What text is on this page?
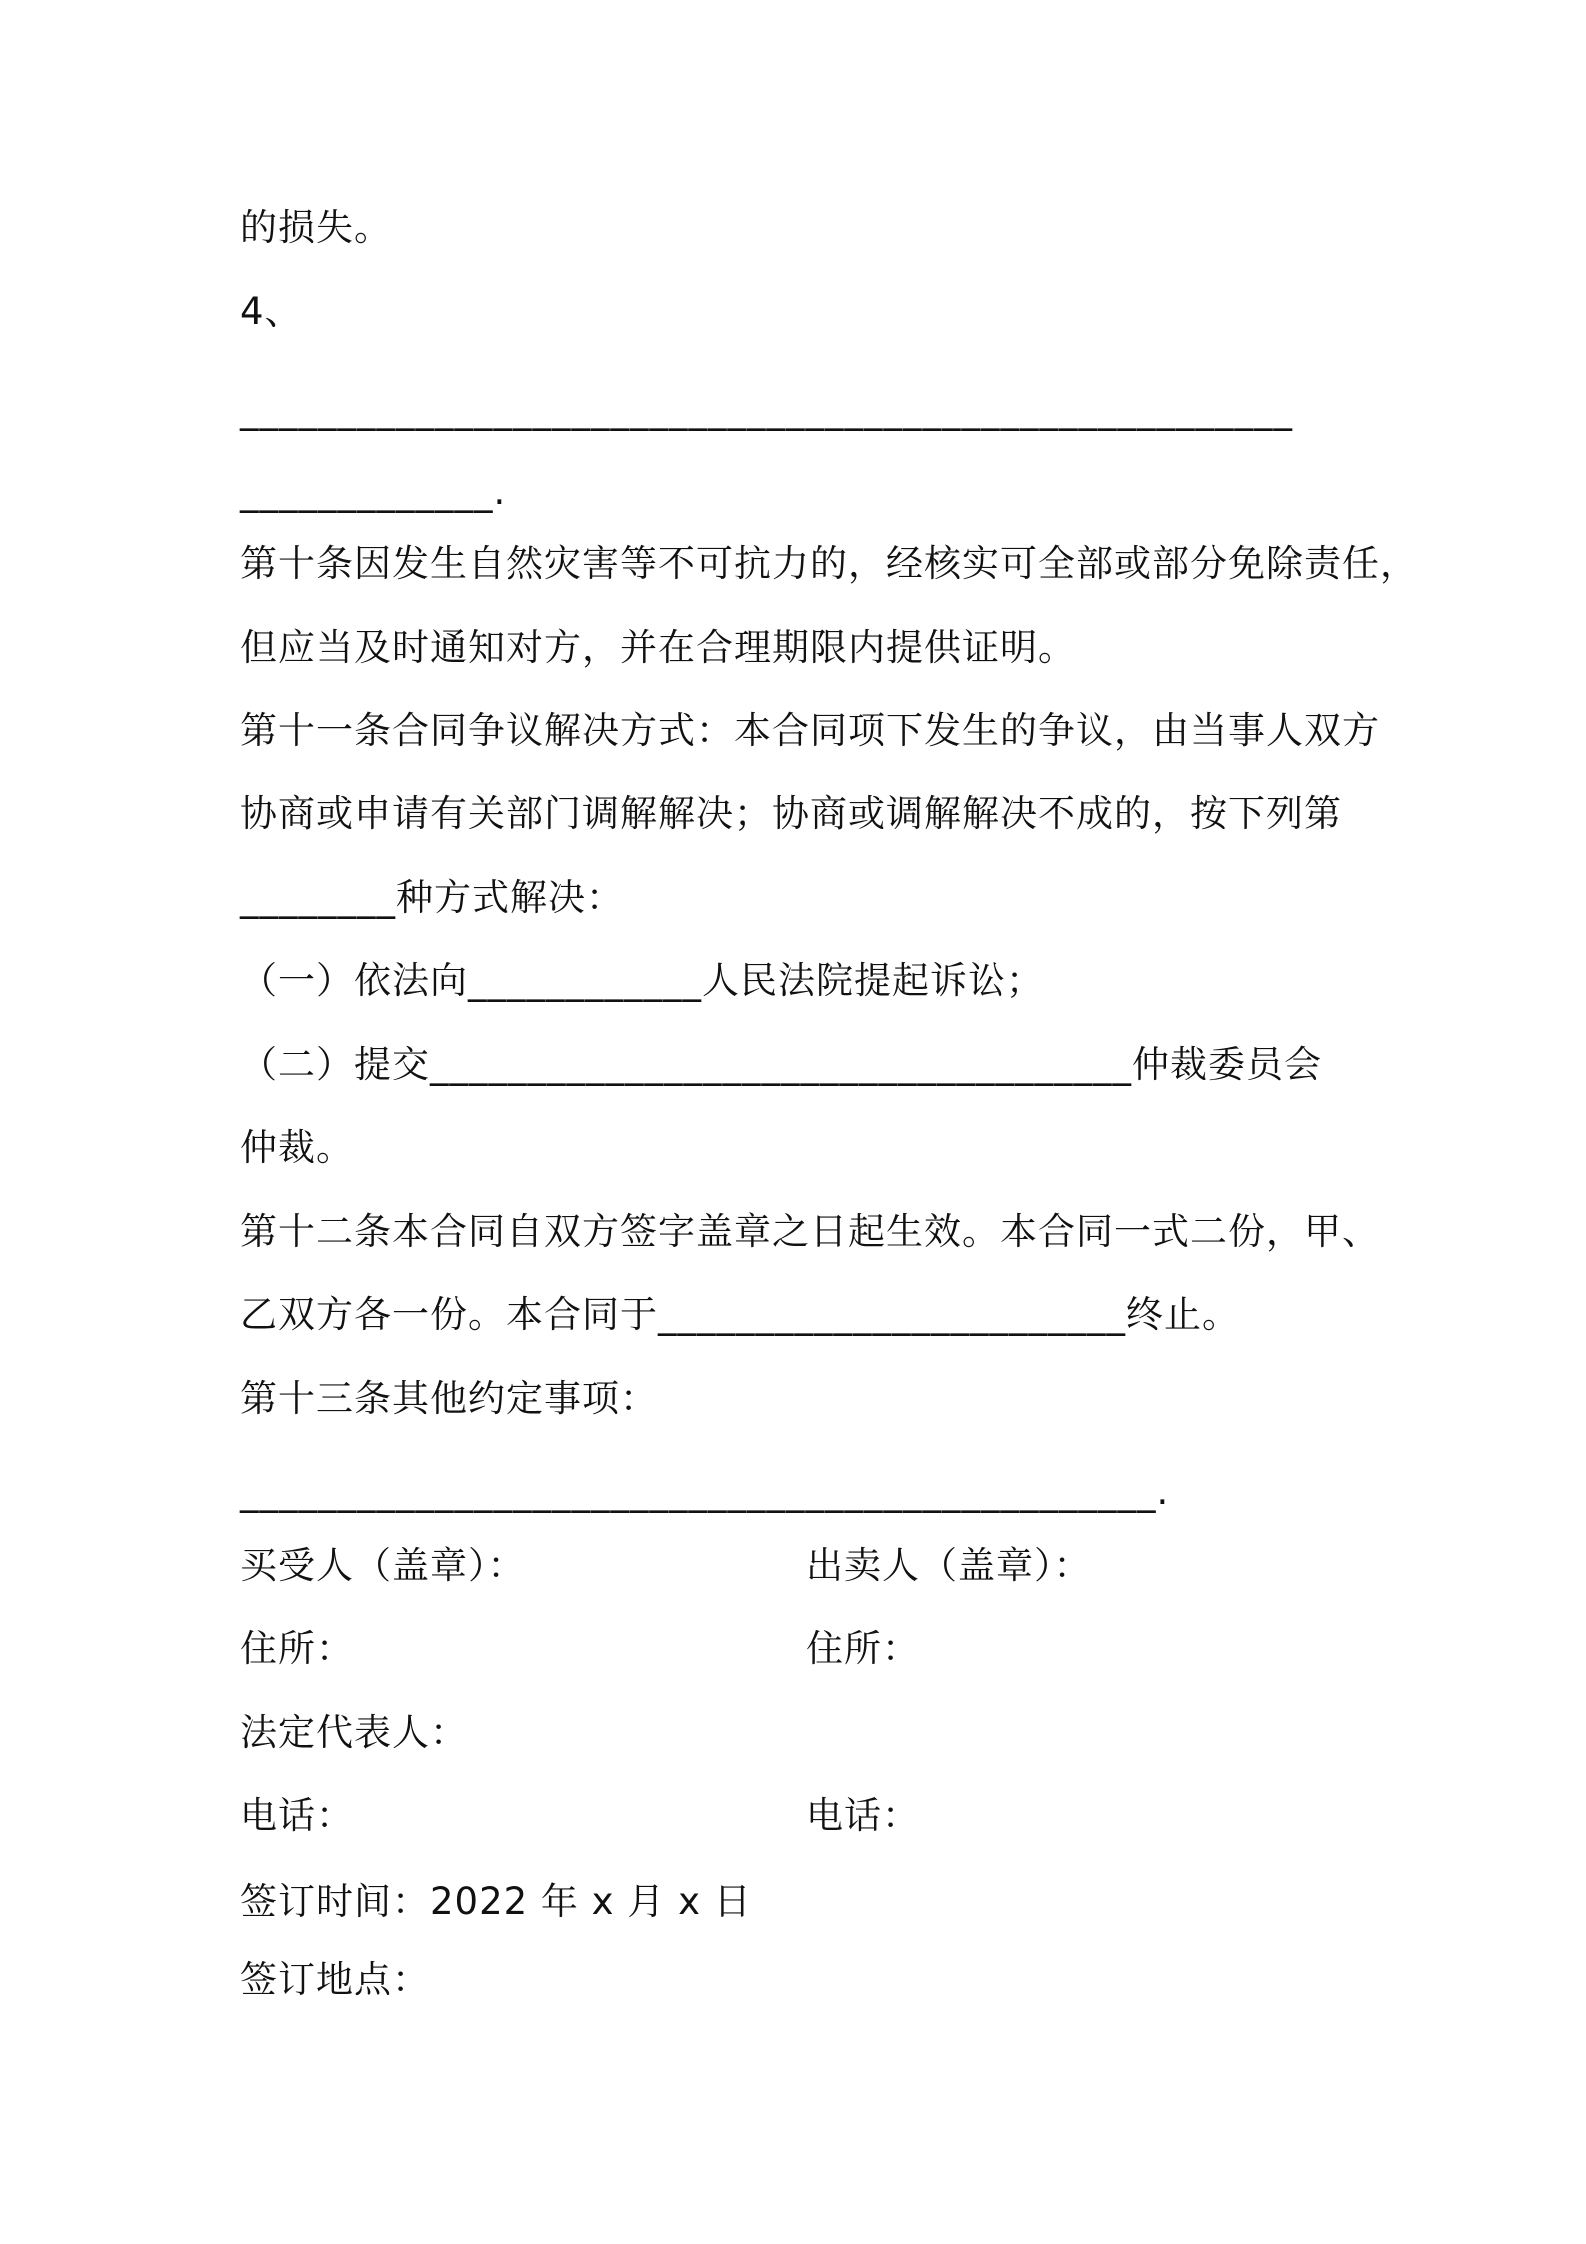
的损失。
4、
______________________________________________________
_____________.
第十条因发生自然灾害等不可抗力的，经核实可全部或部分免除责任，
但应当及时通知对方，并在合理期限内提供证明。
第十一条合同争议解决方式：本合同项下发生的争议，由当事人双方
协商或申请有关部门调解解决；协商或调解解决不成的，按下列第
________种方式解决：
（一）依法向____________人民法院提起诉讼；
（二）提交____________________________________仲裁委员会
仲裁。
第十二条本合同自双方签字盖章之日起生效。本合同一式二份，甲、
乙双方各一份。本合同于________________________终止。
第十三条其他约定事项：
_______________________________________________.
买受人（盖章）：	出卖人（盖章）：
住所：	住所：
法定代表人：
电话：	电话：
签订时间：2022 年 x 月 x 日
签订地点：
